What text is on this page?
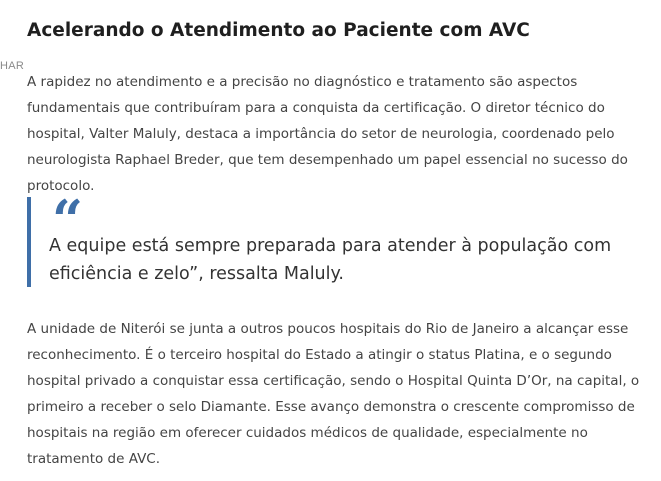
Acelerando o Atendimento ao Paciente com AVC
HAR

A rapidez no atendimento e a precisão no diagnóstico e tratamento são aspectos fundamentais que contribuíram para a conquista da certificação. O diretor técnico do hospital, Valter Maluly, destaca a importância do setor de neurologia, coordenado pelo neurologista Raphael Breder, que tem desempenhado um papel essencial no sucesso do protocolo.

“

A equipe está sempre preparada para atender à população com eficiência e zelo”, ressalta Maluly.

A unidade de Niterói se junta a outros poucos hospitais do Rio de Janeiro a alcançar esse reconhecimento. É o terceiro hospital do Estado a atingir o status Platina, e o segundo hospital privado a conquistar essa certificação, sendo o Hospital Quinta D’Or, na capital, o primeiro a receber o selo Diamante. Esse avanço demonstra o crescente compromisso de hospitais na região em oferecer cuidados médicos de qualidade, especialmente no tratamento de AVC.
